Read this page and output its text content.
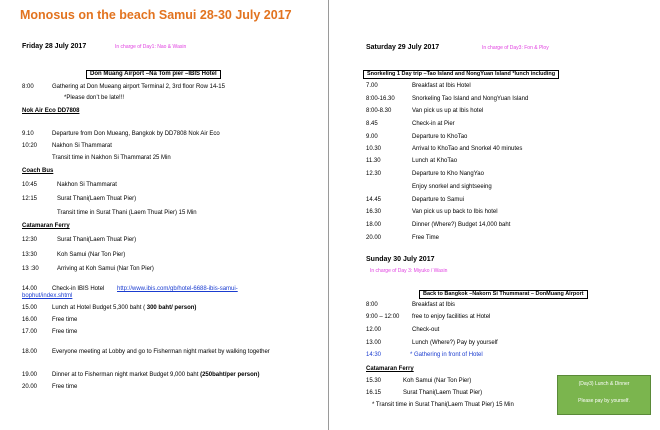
Monosus on the beach Samui 28-30 July 2017
Friday 28 July 2017	In charge of Day1: Nao & Wasin
Don Muang Airport –Na Tom pier –IBIS Hotel
8:00	Gathering at Don Mueang airport Terminal 2, 3rd floor Row 14-15
*Please don’t be late!!!
Nok Air Eco DD7808
9.10	Departure from Don Mueang, Bangkok by DD7808 Nok Air Eco
10:20 Nakhon Si Thammarat
Transit time in Nakhon Si Thammarat 25 Min
Coach Bus
10:45	Nakhon Si Thammarat
12:15	Surat Thani(Laem Thuat Pier)
Transit time in Surat Thani (Laem Thuat Pier) 15 Min
Catamaran Ferry
12:30	Surat Thani(Laem Thuat Pier)
13:30	Koh Samui (Nar Ton Pier)
13 :30	Arriving at Koh Samui (Nar Ton Pier)
14.00 Check-in IBIS Hotel http://www.ibis.com/gb/hotel-6688-ibis-samui-
bophut/index.shtml
15.00 Lunch at Hotel Budget 5,300 baht ( 300 baht/ person)
16.00 Free time
17.00 Free time
18.00 Everyone meeting at Lobby and go to Fisherman night market by walking together
19.00 Dinner at to Fisherman night market Budget 9,000 baht (250baht/per person)
20.00 Free time
Saturday 29 July 2017	In charge of Day3: Fon & Ploy
Snorkeling 1 Day trip –Tao Island and NongYuan Island *lunch including
7.00	Breakfast at Ibis Hotel
8:00-16.30	Snorkeling Tao Island and NongYuan Island
8:00-8.30	Van pick us up at Ibis hotel
8.45	Check-in at Pier
9.00	Departure to KhoTao
10.30	Arrival to KhoTao and Snorkel 40 minutes
11.30	Lunch at KhoTao
12.30	Departure to Kho NangYao
Enjoy snorkel and sightseeing
14.45	Departure to Samui
16.30	Van pick us up back to Ibis hotel
18.00	Dinner (Where?) Budget 14,000 baht
20.00	Free Time
Sunday 30 July 2017
In charge of Day 3: Miyuko / Wasin
Back to Bangkok –Nakorn Si Thummarat – DonMuang Airport
8:00	Breakfast at Ibis
9:00 – 12:00 free to enjoy facilities at Hotel
12.00	Check-out
13.00	Lunch (Where?) Pay by yourself
14:30	* Gathering in front of Hotel
Catamaran Ferry
15.30	Koh Samui (Nar Ton Pier)
16.15	Surat Thani(Laem Thuat Pier)
* Transit time in Surat Thani(Laem Thuat Pier) 15 Min
(Day3) Lunch & Dinner
Please pay by yourself.
